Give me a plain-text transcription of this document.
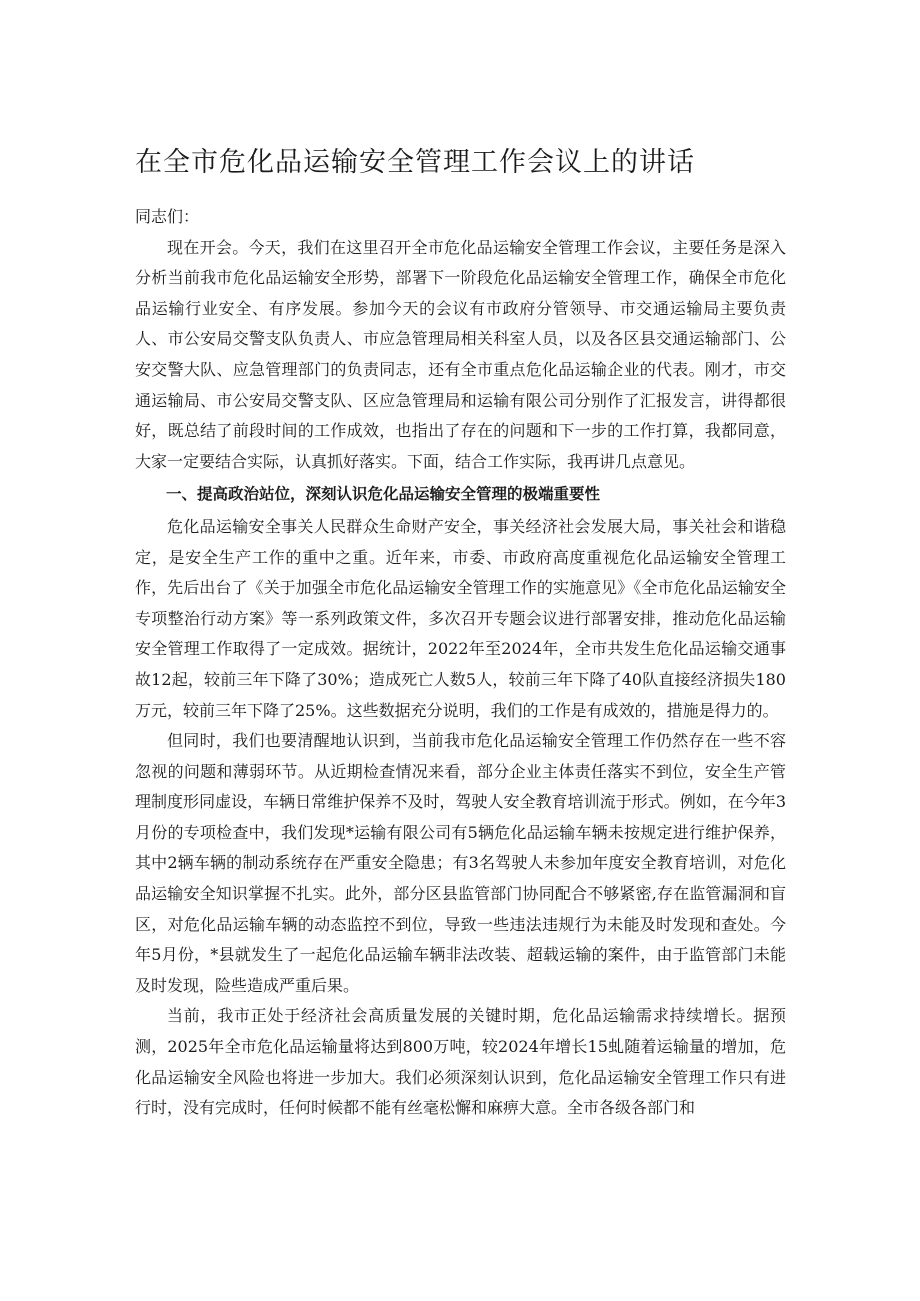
在全市危化品运输安全管理工作会议上的讲话

同志们：

现在开会。今天，我们在这里召开全市危化品运输安全管理工作会议，主要任务是深入分析当前我市危化品运输安全形势，部署下一阶段危化品运输安全管理工作，确保全市危化品运输行业安全、有序发展。参加今天的会议有市政府分管领导、市交通运输局主要负责人、市公安局交警支队负责人、市应急管理局相关科室人员，以及各区县交通运输部门、公安交警大队、应急管理部门的负责同志，还有全市重点危化品运输企业的代表。刚才，市交通运输局、市公安局交警支队、区应急管理局和运输有限公司分别作了汇报发言，讲得都很好，既总结了前段时间的工作成效，也指出了存在的问题和下一步的工作打算，我都同意，大家一定要结合实际，认真抓好落实。下面，结合工作实际，我再讲几点意见。

一、提高政治站位，深刻认识危化品运输安全管理的极端重要性

危化品运输安全事关人民群众生命财产安全，事关经济社会发展大局，事关社会和谐稳定，是安全生产工作的重中之重。近年来，市委、市政府高度重视危化品运输安全管理工作，先后出台了《关于加强全市危化品运输安全管理工作的实施意见》《全市危化品运输安全专项整治行动方案》等一系列政策文件，多次召开专题会议进行部署安排，推动危化品运输安全管理工作取得了一定成效。据统计，2022年至2024年，全市共发生危化品运输交通事故12起，较前三年下降了30%；造成死亡人数5人，较前三年下降了40队直接经济损失180万元，较前三年下降了25%。这些数据充分说明，我们的工作是有成效的，措施是得力的。

但同时，我们也要清醒地认识到，当前我市危化品运输安全管理工作仍然存在一些不容忽视的问题和薄弱环节。从近期检查情况来看，部分企业主体责任落实不到位，安全生产管理制度形同虚设，车辆日常维护保养不及时，驾驶人安全教育培训流于形式。例如，在今年3月份的专项检查中，我们发现*运输有限公司有5辆危化品运输车辆未按规定进行维护保养，其中2辆车辆的制动系统存在严重安全隐患；有3名驾驶人未参加年度安全教育培训，对危化品运输安全知识掌握不扎实。此外，部分区县监管部门协同配合不够紧密,存在监管漏洞和盲区，对危化品运输车辆的动态监控不到位，导致一些违法违规行为未能及时发现和查处。今年5月份，*县就发生了一起危化品运输车辆非法改装、超载运输的案件，由于监管部门未能及时发现，险些造成严重后果。

当前，我市正处于经济社会高质量发展的关键时期，危化品运输需求持续增长。据预测，2025年全市危化品运输量将达到800万吨，较2024年增长15虬随着运输量的增加，危化品运输安全风险也将进一步加大。我们必须深刻认识到，危化品运输安全管理工作只有进行时，没有完成时，任何时候都不能有丝毫松懈和麻痹大意。全市各级各部门和
